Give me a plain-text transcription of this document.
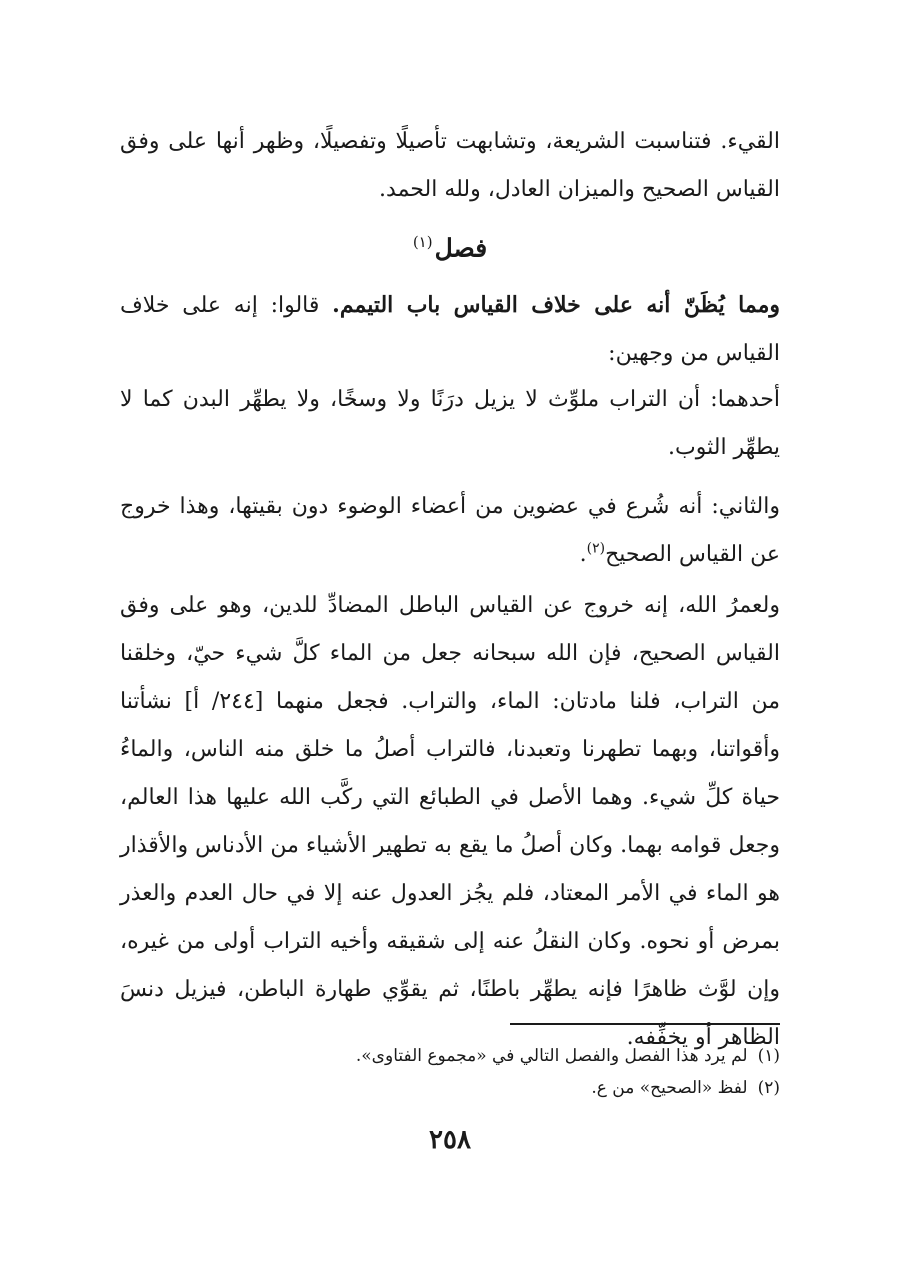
القيء. فتناسبت الشريعة، وتشابهت تأصيلًا وتفصيلًا، وظهر أنها على وفق القياس الصحيح والميزان العادل، ولله الحمد.

فصل$^{(١)}$

ومما يُظَنّ أنه على خلاف القياس باب التيمم. قالوا: إنه على خلاف القياس من وجهين:

أحدهما: أن التراب ملوِّث لا يزيل درَنًا ولا وسخًا، ولا يطهِّر البدن كما لا يطهِّر الثوب.

والثاني: أنه شُرع في عضوين من أعضاء الوضوء دون بقيتها، وهذا خروج عن القياس الصحيح$^{(٢)}$.

ولعمرُ الله، إنه خروج عن القياس الباطل المضادِّ للدين، وهو على وفق القياس الصحيح، فإن الله سبحانه جعل من الماء كلَّ شيء حيّ، وخلقنا من التراب، فلنا مادتان: الماء، والتراب. فجعل منهما [٢٤٤/ أ] نشأتنا وأقواتنا، وبهما تطهرنا وتعبدنا، فالتراب أصلُ ما خلق منه الناس، والماءُ حياة كلِّ شيء. وهما الأصل في الطبائع التي ركَّب الله عليها هذا العالم، وجعل قوامه بهما. وكان أصلُ ما يقع به تطهير الأشياء من الأدناس والأقذار هو الماء في الأمر المعتاد، فلم يجُز العدول عنه إلا في حال العدم والعذر بمرض أو نحوه. وكان النقلُ عنه إلى شقيقه وأخيه التراب أولى من غيره، وإن لوَّث ظاهرًا فإنه يطهِّر باطنًا، ثم يقوِّي طهارة الباطن، فيزيل دنسَ الظاهر أو يخفِّفه.

(١)لم يرد هذا الفصل والفصل التالي في «مجموع الفتاوى».
(٢)لفظ «الصحيح» من ع.
٢٥٨
